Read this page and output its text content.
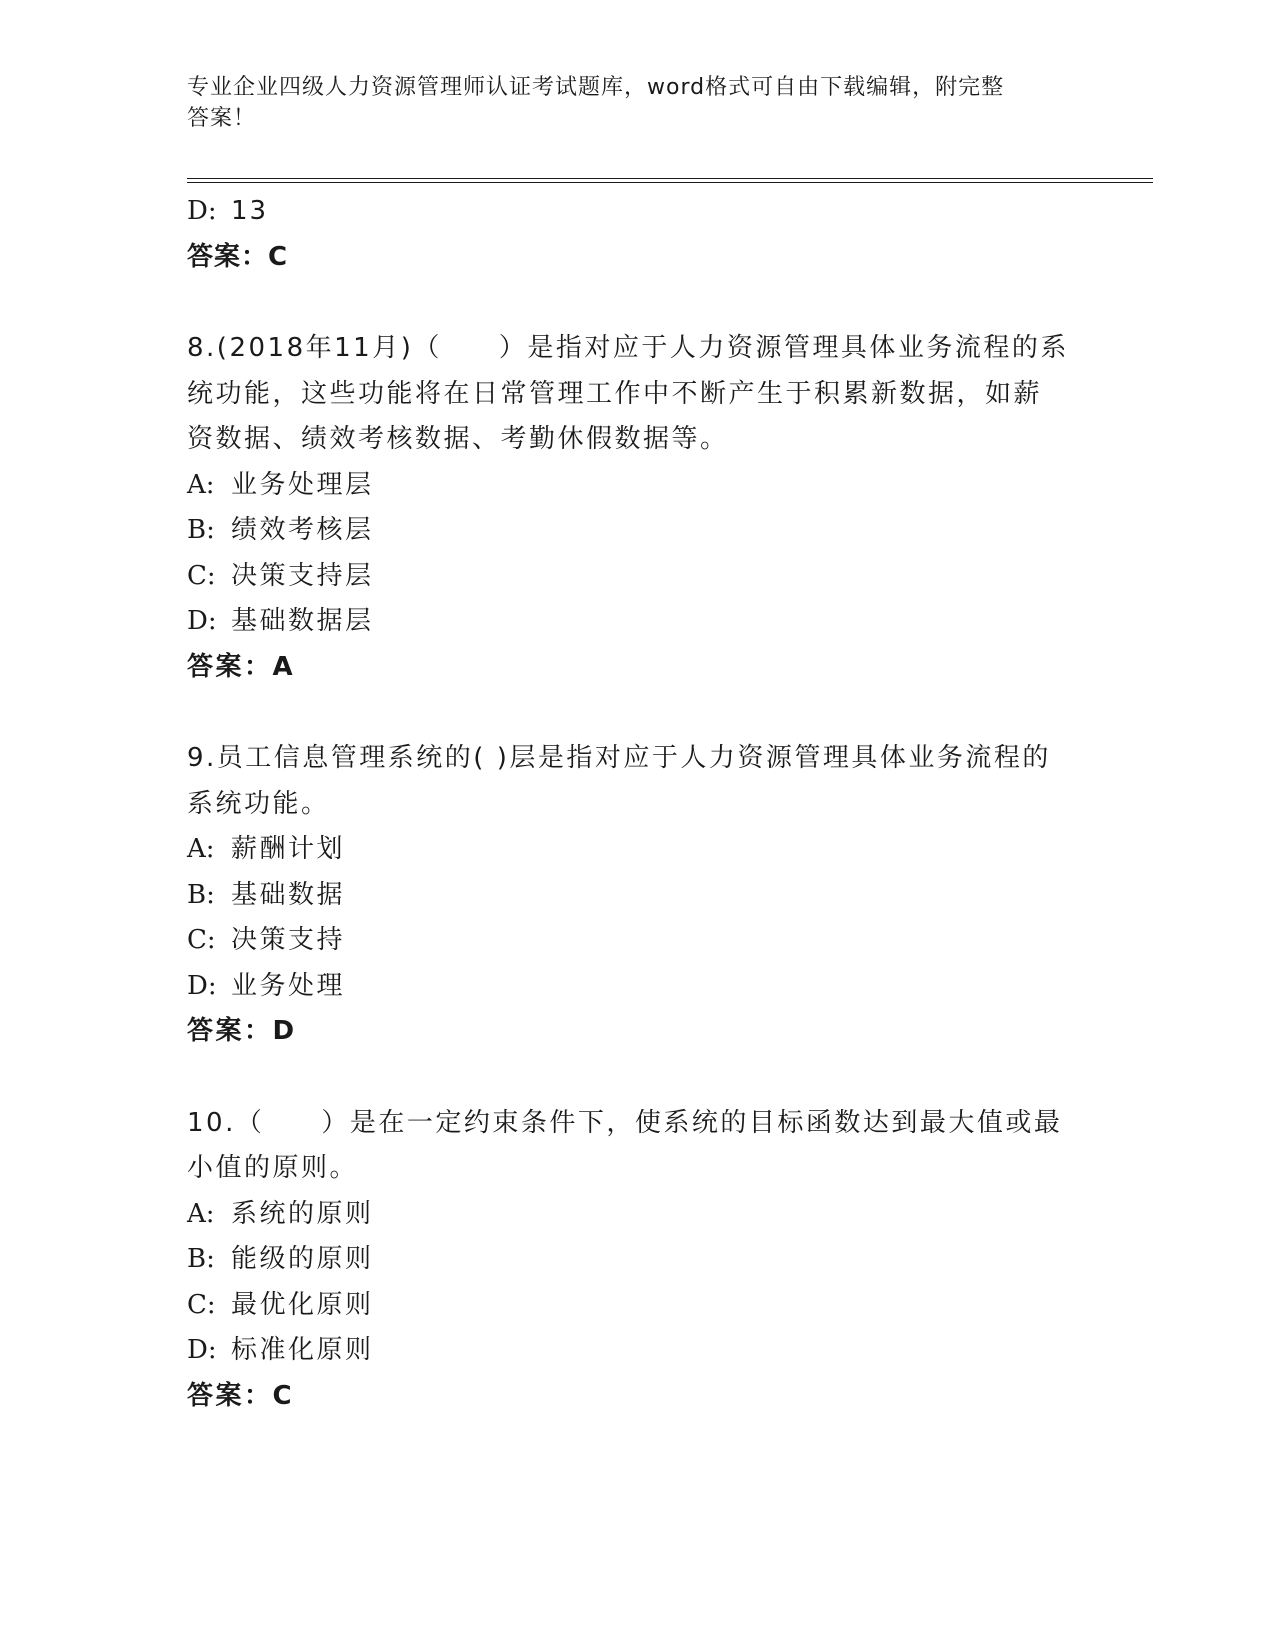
专业企业四级人力资源管理师认证考试题库，word格式可自由下载编辑，附完整
答案！
D: 13
答案：C
8.(2018年11月)（　　）是指对应于人力资源管理具体业务流程的系
统功能，这些功能将在日常管理工作中不断产生于积累新数据，如薪
资数据、绩效考核数据、考勤休假数据等。
A: 业务处理层
B: 绩效考核层
C: 决策支持层
D: 基础数据层
答案：A
9.员工信息管理系统的( )层是指对应于人力资源管理具体业务流程的
系统功能。
A: 薪酬计划
B: 基础数据
C: 决策支持
D: 业务处理
答案：D
10.（　　）是在一定约束条件下，使系统的目标函数达到最大值或最
小值的原则。
A: 系统的原则
B: 能级的原则
C: 最优化原则
D: 标准化原则
答案：C
